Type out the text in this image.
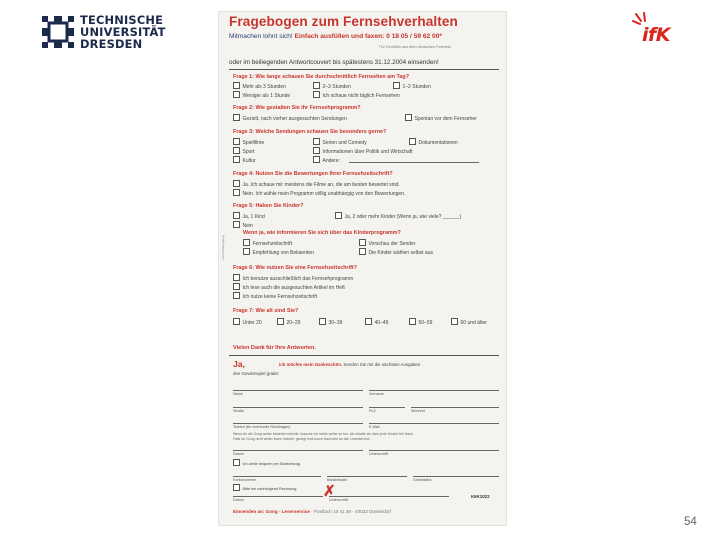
TECHNISCHE
UNIVERSITÄT
DRESDEN	ifK
Fragebogen zum Fernsehverhalten
Mitmachen lohnt sich! Einfach ausfüllen und faxen: 0 18 05 / 59 62 00*
*12 Cent/Min aus dem deutschen Festnetz
oder im beiliegenden Antwortcouvert bis spätestens 31.12.2004 einsenden!
Frage 1: Wie lange schauen Sie durchschnittlich Fernsehen am Tag?
Mehr als 3 Stunden	2–3 Stunden	1–2 Stunden
Weniger als 1 Stunde	Ich schaue nicht täglich Fernsehen
Frage 2: Wie gestalten Sie ihr Fernsehprogramm?
Gezielt, nach vorher ausgesuchten Sendungen	Spontan vor dem Fernseher
Frage 3: Welche Sendungen schauen Sie besonders gerne?
Spielfilme	Serien und Comedy	Dokumentationen
Sport	Informationen über Politik und Wirtschaft
Kultur	Andere:
Frage 4: Nutzen Sie die Bewertungen Ihrer Fernsehzeitschrift?
Ja. Ich schaue mir meistens die Filme an, die am besten bewertet sind.
Nein. Ich wähle mein Programm völlig unabhängig von den Bewertungen.
Frage 5: Haben Sie Kinder?
Ja, 1 Kind	Ja, 2 oder mehr Kinder (Wenn ja, wie viele? ______)
Nein
Wenn ja, wie informieren Sie sich über das Kinderprogramm?
Fernsehzeitschrift	Vorschau der Sender
Empfehlung von Bekannten	Die Kinder wählen selbst aus
Frage 6: Wie nutzen Sie eine Fernsehzeitschrift?
Ich benutze ausschließlich das Fernsehprogramm
Ich lese auch die ausgesuchten Artikel im Heft
Ich nutze keine Fernsehzeitschrift
Frage 7: Wie alt sind Sie?
Unter 20	20–29	30–39	40–49	50–59	60 und älter
Vielen Dank für Ihre Antworten.
Ja,	ich möchte mein Dankeschön. Senden Sie mir die nächsten Ausgaben
den Gewinnspiel gratis!
Name	Vorname
Straße	PLZ	Wohnort
Telefon (für eventuelle Rückfragen)	E-Mail
Wenn ich die Gong weiter beziehen möchte, brauche ich nichts weiter zu tun. Ich erhalte sie dann jede Woche frei Haus.
Falls ich Gong nicht weiter lesen möchte, genügt eine kurze Nachricht an den Leserservice.
Datum	Unterschrift
Ich zahle bequem per Bankeinzug.
Kontonummer	Bankleitzahl	Geldinstitut
Bitte bei nachfolgend Rechnung. ✗
Datum	Unterschrift
K6K1022
Einsenden an: Gong - Leserservice · Postfach 10 41 39 · 40032 Düsseldorf
Fernsehbefragung
54
